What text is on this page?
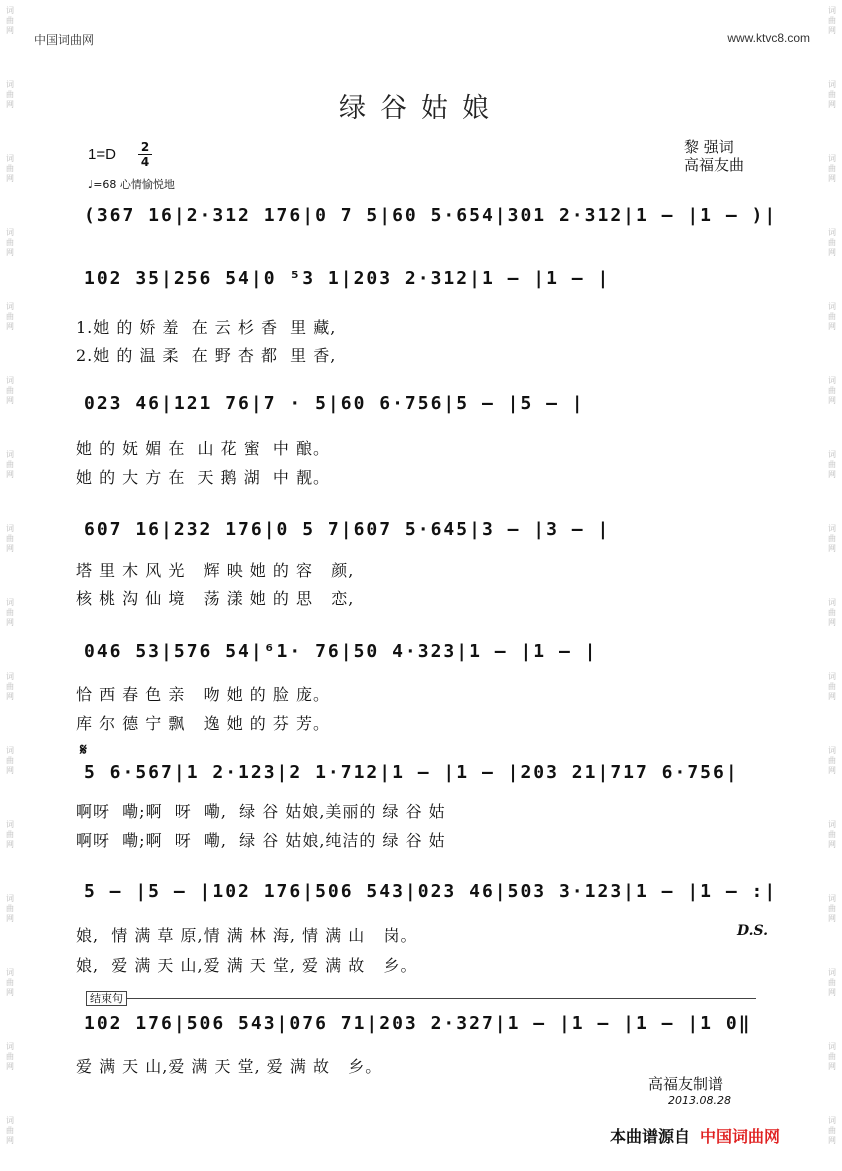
词
曲
网
词
曲
网
词
曲
网
词
曲
网
词
曲
网
词
曲
网
词
曲
网
词
曲
网
词
曲
网
词
曲
网
词
曲
网
词
曲
网
词
曲
网
词
曲
网
词
曲
网
词
曲
网
词
曲
网
词
曲
网
词
曲
网
词
曲
网
词
曲
网
词
曲
网
词
曲
网
词
曲
网
词
曲
网
词
曲
网
词
曲
网
词
曲
网
词
曲
网
词
曲
网
词
曲
网
词
曲
网
中国词曲网	www.ktvc8.com
绿谷姑娘
1=D 2
4
黎 强词
高福友曲
♩=68 心情愉悦地
(367 16|2·312 176|0 7 5|60 5·654|301 2·312|1 – |1 – )|
102 35|256 54|0 ⁵3 1|203 2·312|1 – |1 – |
1.她 的 娇 羞  在 云 杉 香  里 藏,
2.她 的 温 柔  在 野 杏 都  里 香,
023 46|121 76|7 · 5|60 6·756|5 – |5 – |
她 的 妩 媚 在  山 花 蜜  中 酿。
她 的 大 方 在  天 鹅 湖  中 靓。
607 16|232 176|0 5 7|607 5·645|3 – |3 – |
塔 里 木 风 光   辉 映 她 的 容   颜,
核 桃 沟 仙 境   荡 漾 她 的 思   恋,
046 53|576 54|⁶1· 76|50 4·323|1 – |1 – |
恰 西 春 色 亲   吻 她 的 脸 庞。
库 尔 德 宁 飘   逸 她 的 芬 芳。
𝄋
5 6·567|1 2·123|2 1·712|1 – |1 – |203 21|717 6·756|
啊呀  嘞;啊  呀  嘞,  绿 谷 姑娘,美丽的 绿 谷 姑
啊呀  嘞;啊  呀  嘞,  绿 谷 姑娘,纯洁的 绿 谷 姑
5 – |5 – |102 176|506 543|023 46|503 3·123|1 – |1 – :|
娘,  情 满 草 原,情 满 林 海, 情 满 山   岗。
娘,  爱 满 天 山,爱 满 天 堂, 爱 满 故   乡。
D.S.
结束句
102 176|506 543|076 71|203 2·327|1 – |1 – |1 – |1 0‖
爱 满 天 山,爱 满 天 堂, 爱 满 故   乡。
高福友制谱
2013.08.28
本曲谱源自 中国词曲网
